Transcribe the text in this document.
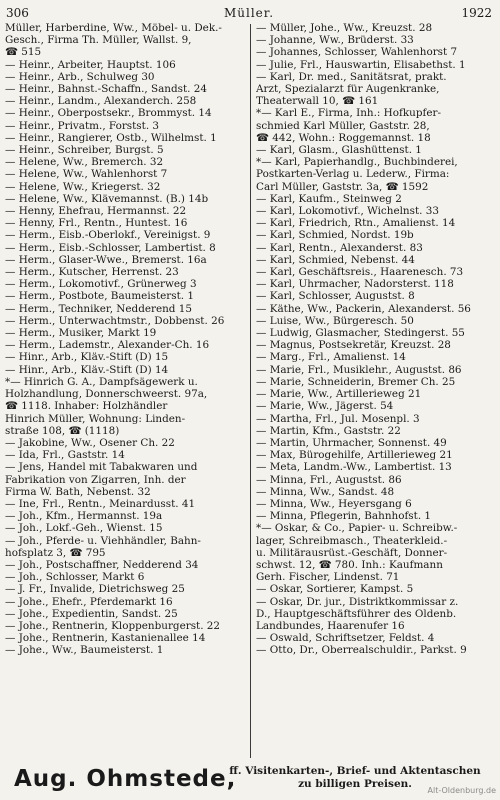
306	Müller.	1922
Müller, Harberdine, Ww., Möbel- u. Dek.-
Gesch., Firma Th. Müller, Wallst. 9,
☎ 515
— Heinr., Arbeiter, Hauptst. 106
— Heinr., Arb., Schulweg 30
— Heinr., Bahnst.-Schaffn., Sandst. 24
— Heinr., Landm., Alexanderch. 258
— Heinr., Oberpostsekr., Brommyst. 14
— Heinr., Privatm., Forstst. 3
— Heinr., Rangierer, Ostb., Wilhelmst. 1
— Heinr., Schreiber, Burgst. 5
— Helene, Ww., Bremerch. 32
— Helene, Ww., Wahlenhorst 7
— Helene, Ww., Kriegerst. 32
— Helene, Ww., Klävemannst. (B.) 14b
— Henny, Ehefrau, Hermannst. 22
— Henny, Frl., Rentn., Huntest. 16
— Herm., Eisb.-Oberlokf., Vereinigst. 9
— Herm., Eisb.-Schlosser, Lambertist. 8
— Herm., Glaser-Wwe., Bremerst. 16a
— Herm., Kutscher, Herrenst. 23
— Herm., Lokomotivf., Grünerweg 3
— Herm., Postbote, Baumeisterst. 1
— Herm., Techniker, Nedderend 15
— Herm., Unterwachtmstr., Dobbenst. 26
— Herm., Musiker, Markt 19
— Herm., Lademstr., Alexander-Ch. 16
— Hinr., Arb., Kläv.-Stift (D) 15
— Hinr., Arb., Kläv.-Stift (D) 14
*— Hinrich G. A., Dampfsägewerk u.
Holzhandlung, Donnerschweerst. 97a,
☎ 1118. Inhaber: Holzhändler
Hinrich Müller, Wohnung: Linden-
straße 108, ☎ (1118)
— Jakobine, Ww., Osener Ch. 22
— Ida, Frl., Gaststr. 14
— Jens, Handel mit Tabakwaren und
Fabrikation von Zigarren, Inh. der
Firma W. Bath, Nebenst. 32
— Ine, Frl., Rentn., Meinardusst. 41
— Joh., Kfm., Hermannst. 19a
— Joh., Lokf.-Geh., Wienst. 15
— Joh., Pferde- u. Viehhändler, Bahn-
hofsplatz 3, ☎ 795
— Joh., Postschaffner, Nedderend 34
— Joh., Schlosser, Markt 6
— J. Fr., Invalide, Dietrichsweg 25
— Johe., Ehefr., Pferdemarkt 16
— Johe., Expedientin, Sandst. 25
— Johe., Rentnerin, Kloppenburgerst. 22
— Johe., Rentnerin, Kastanienallee 14
— Johe., Ww., Baumeisterst. 1
— Müller, Johe., Ww., Kreuzst. 28
— Johanne, Ww., Brüderst. 33
— Johannes, Schlosser, Wahlenhorst 7
— Julie, Frl., Hauswartin, Elisabethst. 1
— Karl, Dr. med., Sanitätsrat, prakt.
Arzt, Spezialarzt für Augenkranke,
Theaterwall 10, ☎ 161
*— Karl E., Firma, Inh.: Hofkupfer-
schmied Karl Müller, Gaststr. 28,
☎ 442, Wohn.: Roggemannst. 18
— Karl, Glasm., Glashüttenst. 1
*— Karl, Papierhandlg., Buchbinderei,
Postkarten-Verlag u. Lederw., Firma:
Carl Müller, Gaststr. 3a, ☎ 1592
— Karl, Kaufm., Steinweg 2
— Karl, Lokomotivf., Wichelnst. 33
— Karl, Friedrich, Rtn., Amalienst. 14
— Karl, Schmied, Nordst. 19b
— Karl, Rentn., Alexanderst. 83
— Karl, Schmied, Nebenst. 44
— Karl, Geschäftsreis., Haarenesch. 73
— Karl, Uhrmacher, Nadorsterst. 118
— Karl, Schlosser, Augustst. 8
— Käthe, Ww., Packerin, Alexanderst. 56
— Luise, Ww., Bürgeresch. 50
— Ludwig, Glasmacher, Stedingerst. 55
— Magnus, Postsekretär, Kreuzst. 28
— Marg., Frl., Amalienst. 14
— Marie, Frl., Musiklehr., Augustst. 86
— Marie, Schneiderin, Bremer Ch. 25
— Marie, Ww., Artillerieweg 21
— Marie, Ww., Jägerst. 54
— Martha, Frl., Jul. Mosenpl. 3
— Martin, Kfm., Gaststr. 22
— Martin, Uhrmacher, Sonnenst. 49
— Max, Bürogehilfe, Artillerieweg 21
— Meta, Landm.-Ww., Lambertist. 13
— Minna, Frl., Augustst. 86
— Minna, Ww., Sandst. 48
— Minna, Ww., Heyersgang 6
— Minna, Pflegerin, Bahnhofst. 1
*— Oskar, & Co., Papier- u. Schreibw.-
lager, Schreibmasch., Theaterkleid.-
u. Militärausrüst.-Geschäft, Donner-
schwst. 12, ☎ 780. Inh.: Kaufmann
Gerh. Fischer, Lindenst. 71
— Oskar, Sortierer, Kampst. 5
— Oskar, Dr. jur., Distriktkommissar z.
D., Hauptgeschäftsführer des Oldenb.
Landbundes, Haarenufer 16
— Oswald, Schriftsetzer, Feldst. 4
— Otto, Dr., Oberrealschuldir., Parkst. 9
Aug. Ohmstede,
ff. Visitenkarten-, Brief- und Aktentaschen
zu billigen Preisen.
Alt-Oldenburg.de
